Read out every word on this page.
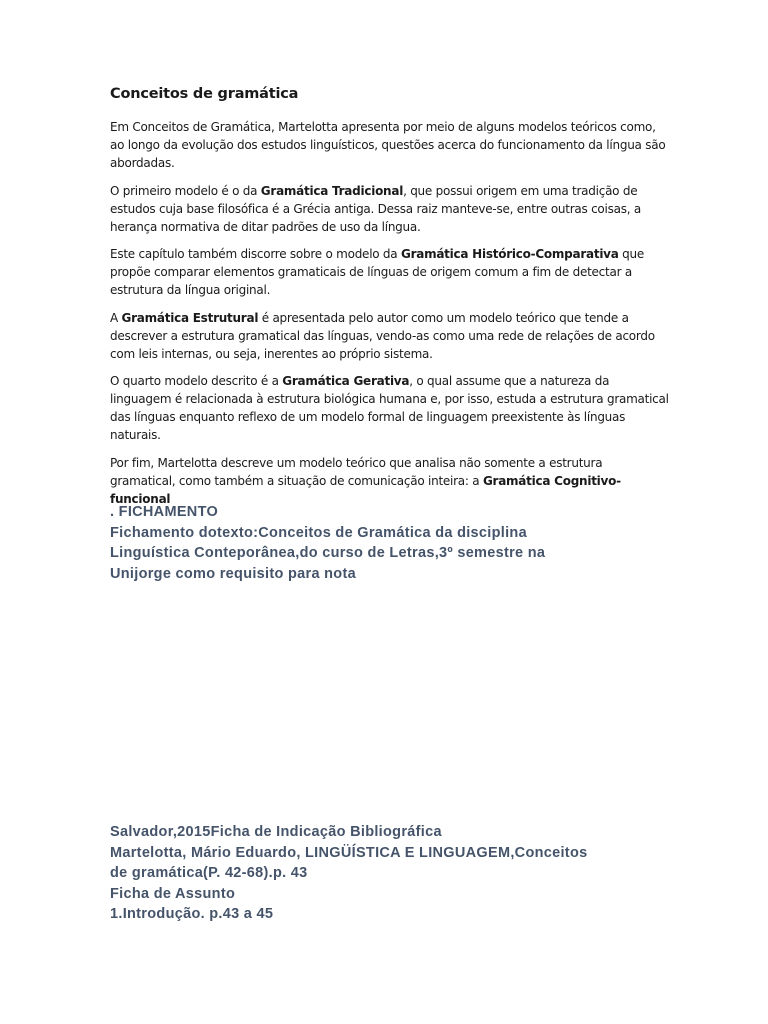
Conceitos de gramática

Em Conceitos de Gramática, Martelotta apresenta por meio de alguns modelos teóricos como, ao longo da evolução dos estudos linguísticos, questões acerca do funcionamento da língua são abordadas.

O primeiro modelo é o da Gramática Tradicional, que possui origem em uma tradição de estudos cuja base filosófica é a Grécia antiga. Dessa raiz manteve-se, entre outras coisas, a herança normativa de ditar padrões de uso da língua.

Este capítulo também discorre sobre o modelo da Gramática Histórico-Comparativa que propõe comparar elementos gramaticais de línguas de origem comum a fim de detectar a estrutura da língua original.

A Gramática Estrutural é apresentada pelo autor como um modelo teórico que tende a descrever a estrutura gramatical das línguas, vendo-as como uma rede de relações de acordo com leis internas, ou seja, inerentes ao próprio sistema.

O quarto modelo descrito é a Gramática Gerativa, o qual assume que a natureza da linguagem é relacionada à estrutura biológica humana e, por isso, estuda a estrutura gramatical das línguas enquanto reflexo de um modelo formal de linguagem preexistente às línguas naturais.

Por fim, Martelotta descreve um modelo teórico que analisa não somente a estrutura gramatical, como também a situação de comunicação inteira: a Gramática Cognitivo-funcional

. FICHAMENTO
Fichamento dotexto:Conceitos de Gramática da disciplina
Linguística Conteporânea,do curso de Letras,3º semestre na
Unijorge como requisito para nota
Salvador,2015Ficha de Indicação Bibliográfica
Martelotta, Mário Eduardo, LINGÜÍSTICA E LINGUAGEM,Conceitos
de gramática(P. 42-68).p. 43
Ficha de Assunto
1.Introdução. p.43 a 45
